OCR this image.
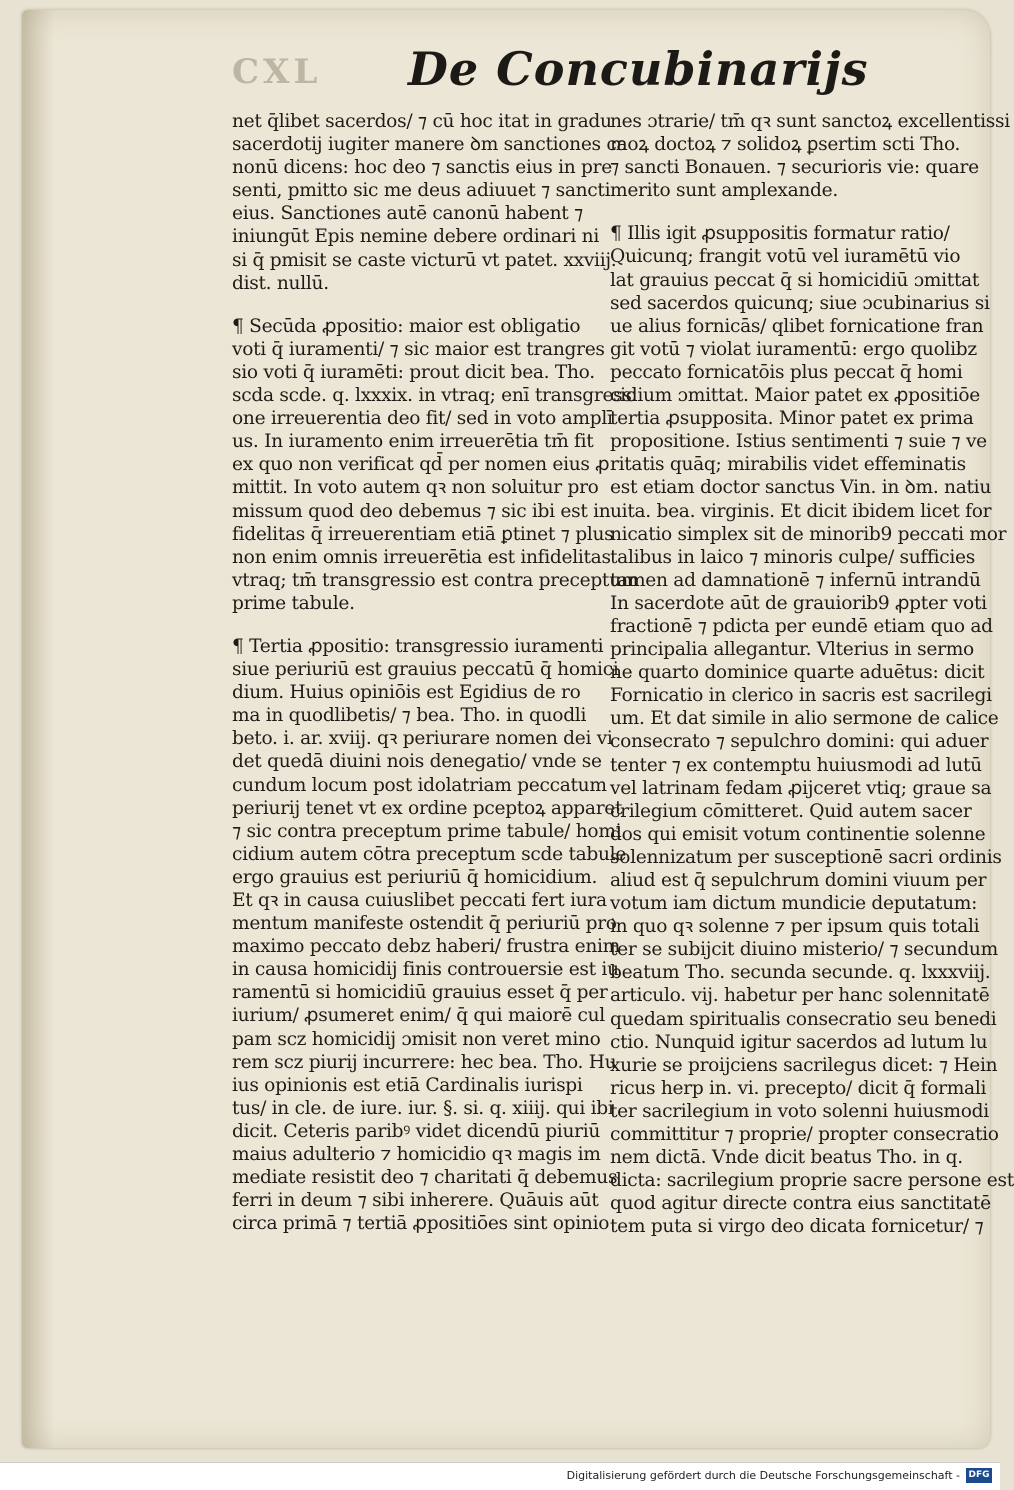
CXL De Concubinarijs
net q̄libet sacerdos/ ⁊ cū hoc itat in gradu
sacerdotij iugiter manere ꝺm sanctiones ca
nonū dicens: hoc deo ⁊ sanctis eius in pre
senti, pmitto sic me deus adiuuet ⁊ sancti
eius. Sanctiones autē canonū habent ⁊
iniungūt Epis nemine debere ordinari ni
si q̄ pmisit se caste victurū vt patet. xxviij.
dist. nullū.
¶ Secūda ꝓpositio: maior est obligatio
voti q̄ iuramenti/ ⁊ sic maior est trangres
sio voti q̄ iuramēti: prout dicit bea. Tho.
scda scde. q. lxxxix. in vtraq; enī transgressi
one irreuerentia deo fit/ sed in voto amplī
us. In iuramento enim irreuerētia tm̄ fit
ex quo non verificat qd̄ per nomen eius ꝓ
mittit. In voto autem qꝛ non soluitur pro
missum quod deo debemus ⁊ sic ibi est in
fidelitas q̄ irreuerentiam etiā ꝑtinet ⁊ plus
non enim omnis irreuerētia est infidelitas
vtraq; tm̄ transgressio est contra preceptum
prime tabule.
¶ Tertia ꝓpositio: transgressio iuramenti
siue periuriū est grauius peccatū q̄ homici
dium. Huius opiniōis est Egidius de ro
ma in quodlibetis/ ⁊ bea. Tho. in quodli
beto. i. ar. xviij. qꝛ periurare nomen dei vi
det quedā diuini nois denegatio/ vnde se
cundum locum post idolatriam peccatum
periurij tenet vt ex ordine pceptoꝝ apparet
⁊ sic contra preceptum prime tabule/ homi
cidium autem cōtra preceptum scde tabule
ergo grauius est periuriū q̄ homicidium.
Et qꝛ in causa cuiuslibet peccati fert iura
mentum manifeste ostendit q̄ periuriū pro
maximo peccato debz haberi/ frustra enim
in causa homicidij finis controuersie est iu
ramentū si homicidiū grauius esset q̄ per
iurium/ ꝓsumeret enim/ q̄ qui maiorē cul
pam scz homicidij ɔmisit non veret mino
rem scz piurij incurrere: hec bea. Tho. Hu
ius opinionis est etiā Cardinalis iurispi
tus/ in cle. de iure. iur. §. si. q. xiiij. qui ibi
dicit. Ceteris paribꝰ videt dicendū piuriū
maius adulterio ⁊ homicidio qꝛ magis im
mediate resistit deo ⁊ charitati q̄ debemus
ferri in deum ⁊ sibi inherere. Quāuis aūt
circa primā ⁊ tertiā ꝓpositiōes sint opinio
nes ɔtrarie/ tm̄ qꝛ sunt sanctoꝝ excellentissi
moꝝ doctoꝝ ⁊ solidoꝝ ꝑsertim scti Tho.
⁊ sancti Bonauen. ⁊ securioris vie: quare
merito sunt amplexande.
¶ Illis igit ꝓsuppositis formatur ratio/
Quicunq; frangit votū vel iuramētū vio
lat grauius peccat q̄ si homicidiū ɔmittat
sed sacerdos quicunq; siue ɔcubinarius si
ue alius fornicās/ qlibet fornicatione fran
git votū ⁊ violat iuramentū: ergo quolibz
peccato fornicatōis plus peccat q̄ homi
cidium ɔmittat. Maior patet ex ꝓpositiōe
tertia ꝓsupposita. Minor patet ex prima
propositione. Istius sentimenti ⁊ suie ⁊ ve
ritatis quāq; mirabilis videt effeminatis
est etiam doctor sanctus Vin. in ꝺm. natiu
uita. bea. virginis. Et dicit ibidem licet for
nicatio simplex sit de minorib9 peccati mor
talibus in laico ⁊ minoris culpe/ sufficies
tamen ad damnationē ⁊ infernū intrandū
In sacerdote aūt de grauiorib9 ꝓpter voti
fractionē ⁊ pdicta per eundē etiam quo ad
principalia allegantur. Vlterius in sermo
ne quarto dominice quarte aduētus: dicit
Fornicatio in clerico in sacris est sacrilegi
um. Et dat simile in alio sermone de calice
consecrato ⁊ sepulchro domini: qui aduer
tenter ⁊ ex contemptu huiusmodi ad lutū
vel latrinam fedam ꝓijceret vtiq; graue sa
crilegium cōmitteret. Quid autem sacer
dos qui emisit votum continentie solenne
solennizatum per susceptionē sacri ordinis
aliud est q̄ sepulchrum domini viuum per
votum iam dictum mundicie deputatum:
in quo qꝛ solenne ⁊ per ipsum quis totali
ter se subijcit diuino misterio/ ⁊ secundum
beatum Tho. secunda secunde. q. lxxxviij.
articulo. vij. habetur per hanc solennitatē
quedam spiritualis consecratio seu benedi
ctio. Nunquid igitur sacerdos ad lutum lu
xurie se proijciens sacrilegus dicet: ⁊ Hein
ricus herp in. vi. precepto/ dicit q̄ formali
ter sacrilegium in voto solenni huiusmodi
committitur ⁊ proprie/ propter consecratio
nem dictā. Vnde dicit beatus Tho. in q.
dicta: sacrilegium proprie sacre persone est
quod agitur directe contra eius sanctitatē
tem puta si virgo deo dicata fornicetur/ ⁊
Digitalisierung gefördert durch die Deutsche Forschungsgemeinschaft - DFG
